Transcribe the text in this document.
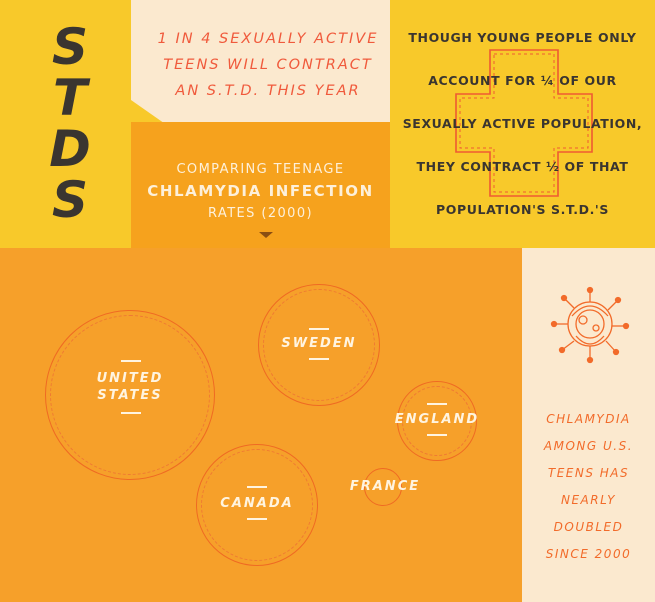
S
T
D
S
1 IN 4 SEXUALLY ACTIVE
TEENS WILL CONTRACT
AN S.T.D. THIS YEAR
COMPARING TEENAGE
CHLAMYDIA INFECTION
RATES (2000)
THOUGH YOUNG PEOPLE ONLY
ACCOUNT FOR ¼ OF OUR
SEXUALLY ACTIVE POPULATION,
THEY CONTRACT ½ OF THAT
POPULATION'S S.T.D.'S
UNITED
STATES
SWEDEN
ENGLAND
CANADA
FRANCE
CHLAMYDIA
AMONG U.S.
TEENS HAS
NEARLY
DOUBLED
SINCE 2000
